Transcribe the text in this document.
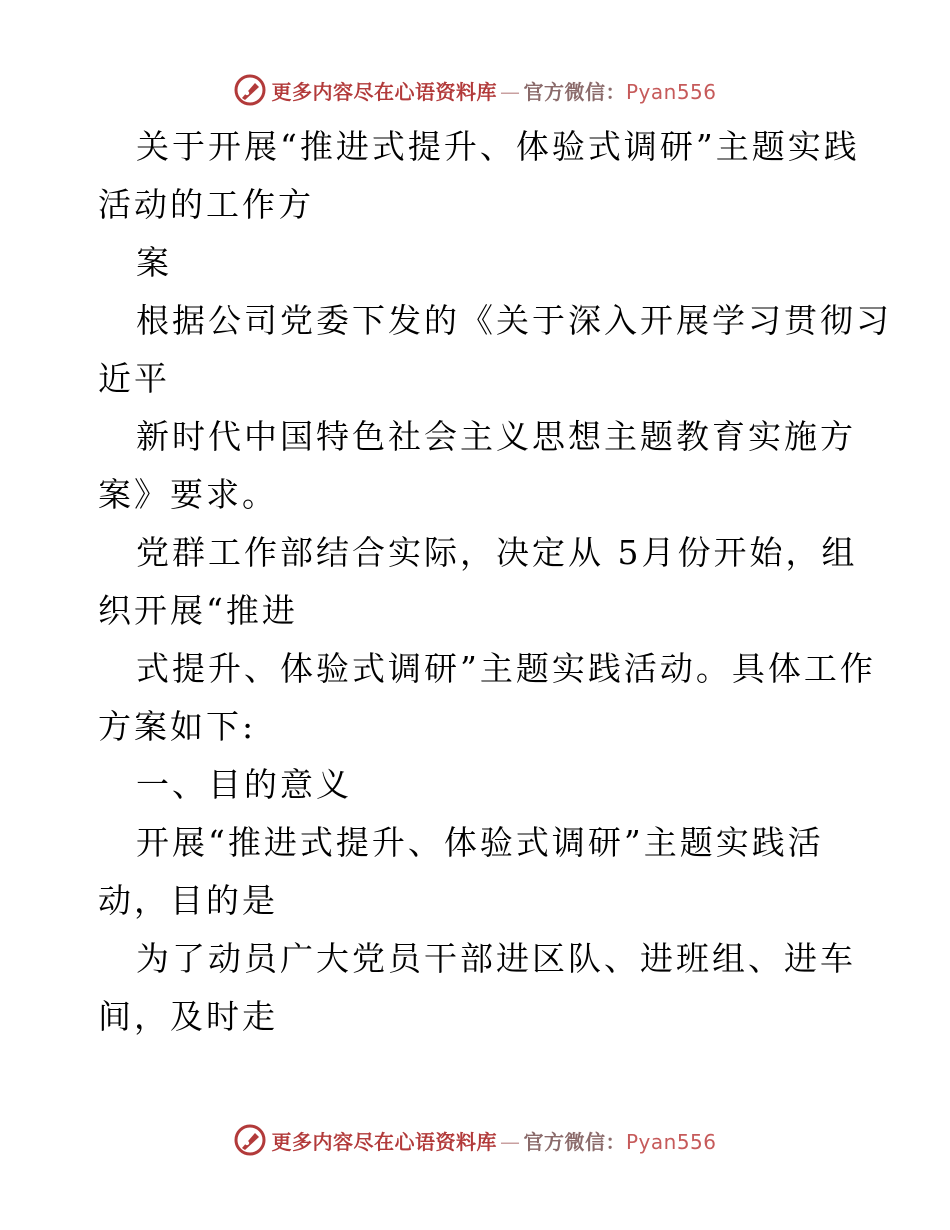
更多内容尽在心语资料库 — 官方微信：Pyan556
关于开展“推进式提升、体验式调研”主题实践
活动的工作方
案
根据公司党委下发的《关于深入开展学习贯彻习
近平
新时代中国特色社会主义思想主题教育实施方
案》要求。
党群工作部结合实际，决定从 5月份开始，组
织开展“推进
式提升、体验式调研”主题实践活动。具体工作
方案如下:
一、目的意义
开展“推进式提升、体验式调研”主题实践活
动，目的是
为了动员广大党员干部进区队、进班组、进车
间，及时走
更多内容尽在心语资料库 — 官方微信：Pyan556
